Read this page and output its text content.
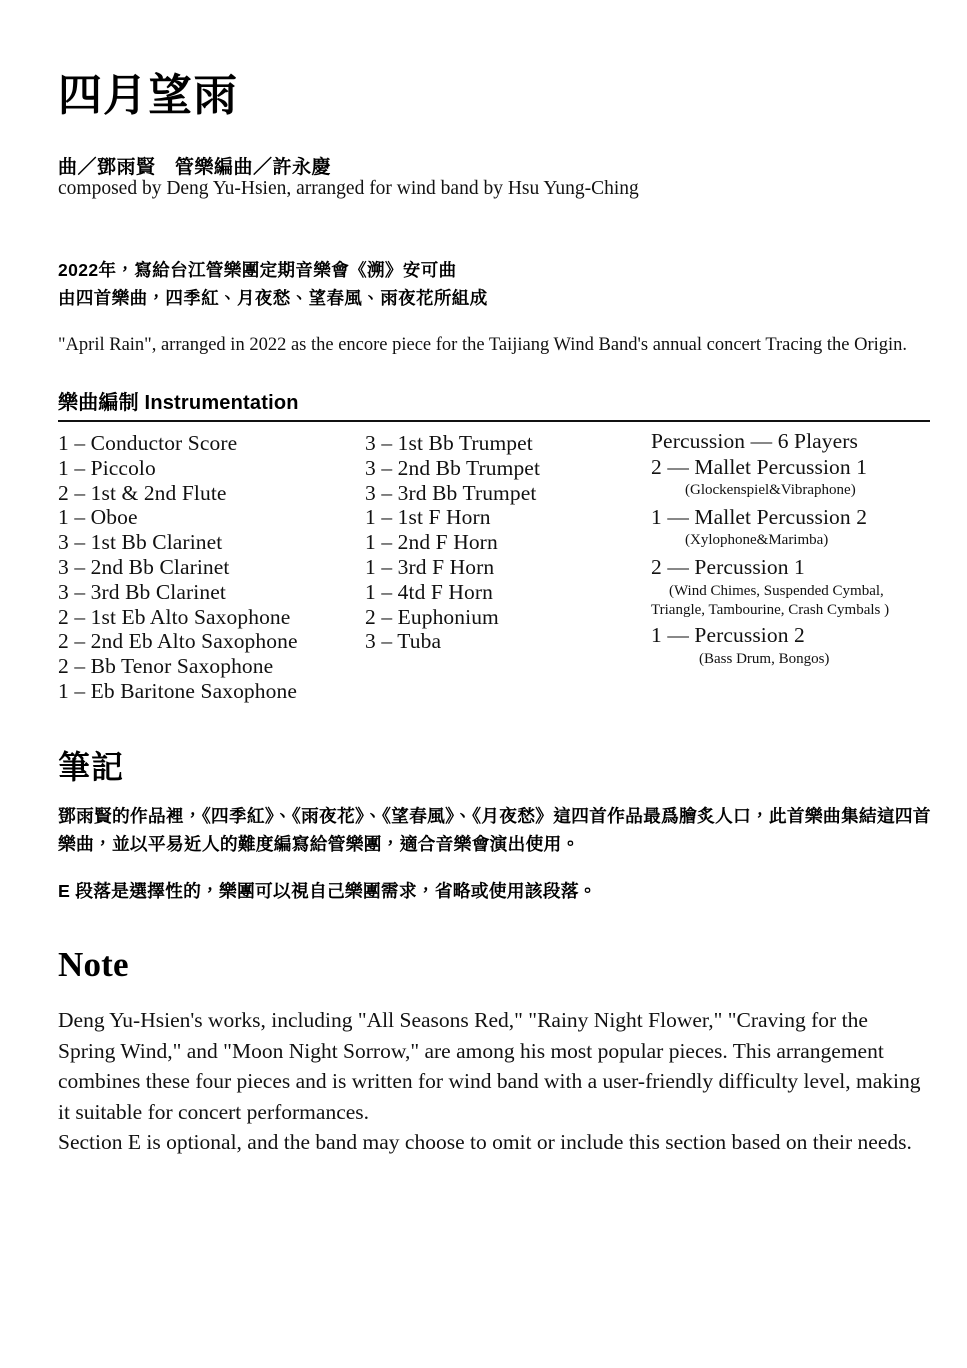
四月望雨
曲／鄧雨賢　管樂編曲／許永慶
composed by Deng Yu-Hsien, arranged for wind band by Hsu Yung-Ching
2022年，寫給台江管樂團定期音樂會《溯》安可曲
由四首樂曲，四季紅、月夜愁、望春風、雨夜花所組成
"April Rain", arranged in 2022 as the encore piece for the Taijiang Wind Band's annual concert Tracing the Origin.
樂曲編制 Instrumentation
1 – Conductor Score
1 – Piccolo
2 – 1st & 2nd Flute
1 – Oboe
3 – 1st Bb Clarinet
3 – 2nd Bb Clarinet
3 – 3rd Bb Clarinet
2 – 1st Eb Alto Saxophone
2 – 2nd Eb Alto Saxophone
2 – Bb Tenor Saxophone
1 – Eb Baritone Saxophone
3 – 1st Bb Trumpet
3 – 2nd Bb Trumpet
3 – 3rd Bb Trumpet
1 – 1st F Horn
1 – 2nd F Horn
1 – 3rd F Horn
1 – 4td F Horn
2 – Euphonium
3 – Tuba
Percussion — 6 Players
2 — Mallet Percussion 1
(Glockenspiel&Vibraphone)
1 — Mallet Percussion 2
(Xylophone&Marimba)
2 — Percussion 1
(Wind Chimes, Suspended Cymbal,
Triangle, Tambourine, Crash Cymbals )
1 — Percussion 2
(Bass Drum, Bongos)
筆記
鄧雨賢的作品裡，《四季紅》、《雨夜花》、《望春風》、《月夜愁》這四首作品最爲膾炙人口，此首樂曲集結這四首樂曲，並以平易近人的難度編寫給管樂團，適合音樂會演出使用。
E 段落是選擇性的，樂團可以視自己樂團需求，省略或使用該段落。
Note
Deng Yu-Hsien's works, including "All Seasons Red," "Rainy Night Flower," "Craving for the Spring Wind," and "Moon Night Sorrow," are among his most popular pieces. This arrangement combines these four pieces and is written for wind band with a user-friendly difficulty level, making it suitable for concert performances.
Section E is optional, and the band may choose to omit or include this section based on their needs.
